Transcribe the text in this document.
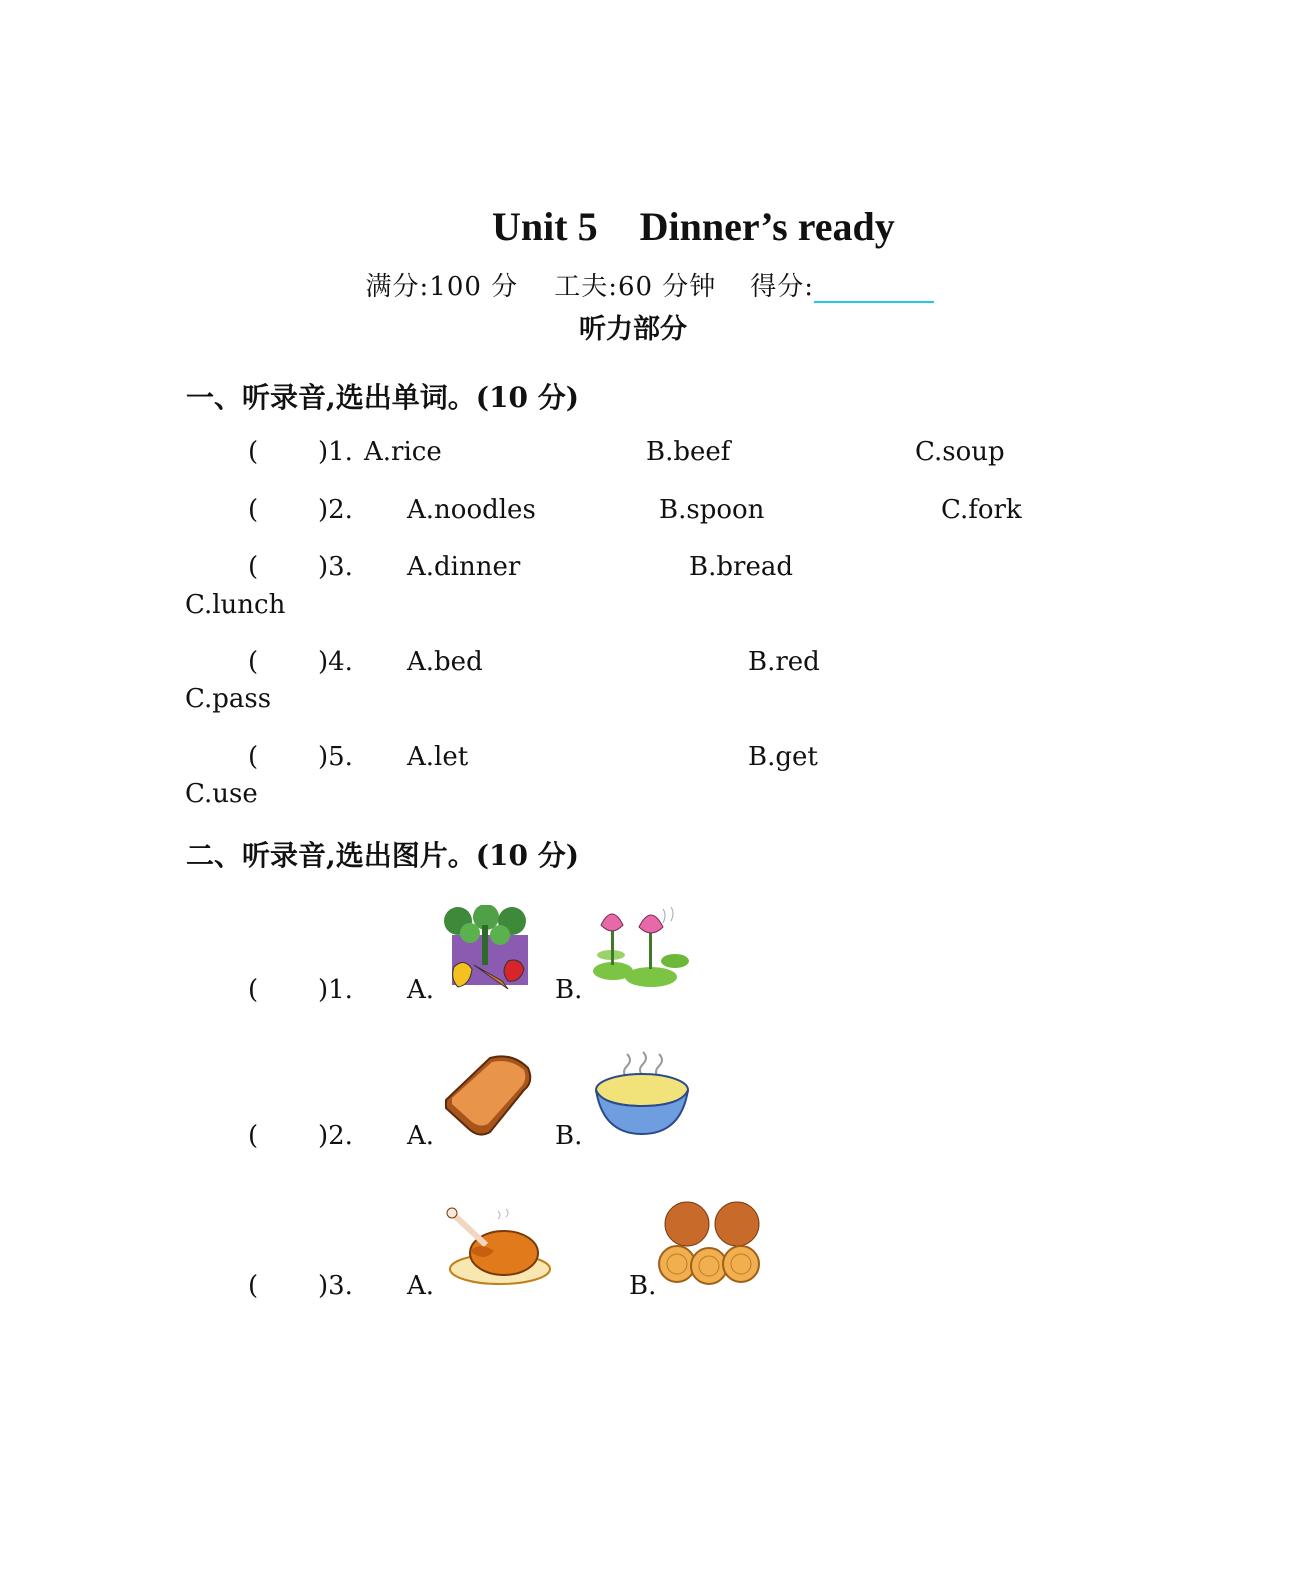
Unit 5 Dinner’s ready

满分:100 分 工夫:60 分钟 得分:

听力部分
一、听录音,选出单词。(10 分)
( )1. A.rice	B.beef	C.soup
( )2. A.noodles	B.spoon	C.fork
( )3. A.dinner	B.bread
C.lunch
( )4. A.bed	B.red
C.pass
( )5. A.let	B.get
C.use
二、听录音,选出图片。(10 分)
( )1. A.	B.
( )2. A.	B.
( )3. A.	B.
